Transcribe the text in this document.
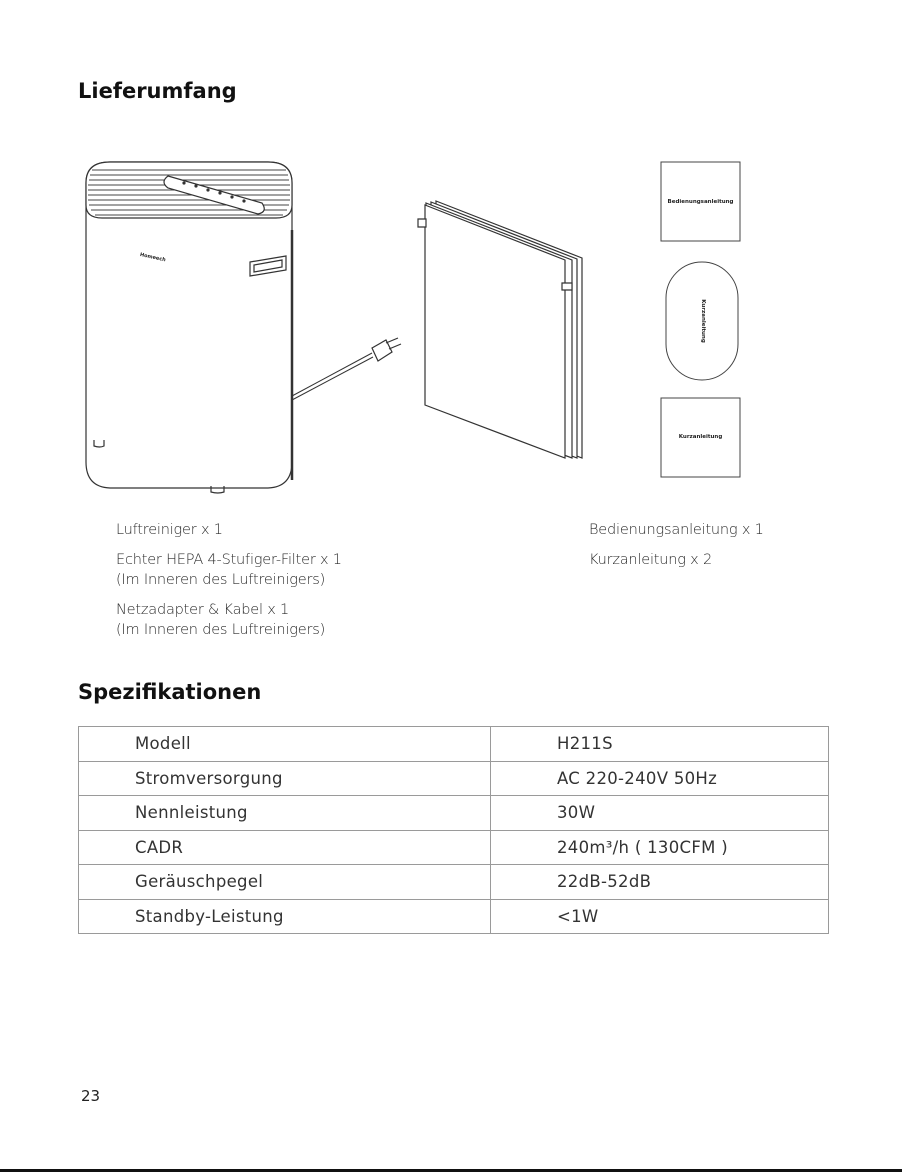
Lieferumfang
Homeech
Bedienungsanleitung
Kurzanleitung
Kurzanleitung
Luftreiniger x 1
Echter HEPA 4-Stufiger-Filter x 1
(Im Inneren des Luftreinigers)
Netzadapter & Kabel x 1
(Im Inneren des Luftreinigers)
Bedienungsanleitung x 1
Kurzanleitung x 2
Spezifikationen
Modell	H211S
Stromversorgung	AC 220-240V 50Hz
Nennleistung	30W
CADR	240m³/h ( 130CFM )
Geräuschpegel	22dB-52dB
Standby-Leistung	<1W
23
